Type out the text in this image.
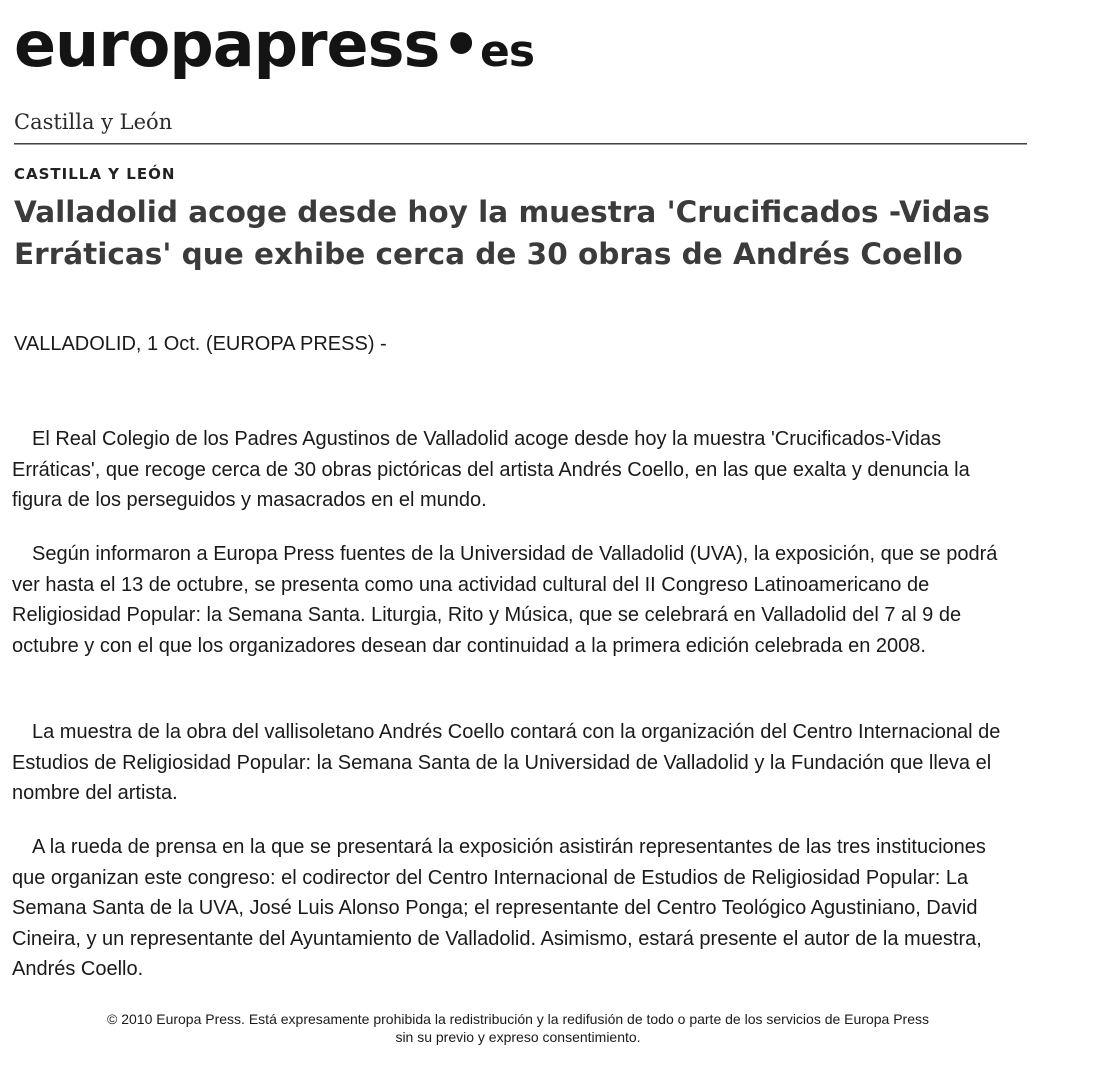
europapress•es
Castilla y León
CASTILLA Y LEÓN
Valladolid acoge desde hoy la muestra 'Crucificados -Vidas Erráticas' que exhibe cerca de 30 obras de Andrés Coello
VALLADOLID, 1 Oct. (EUROPA PRESS) -

El Real Colegio de los Padres Agustinos de Valladolid acoge desde hoy la muestra 'Crucificados-Vidas Erráticas', que recoge cerca de 30 obras pictóricas del artista Andrés Coello, en las que exalta y denuncia la figura de los perseguidos y masacrados en el mundo.

Según informaron a Europa Press fuentes de la Universidad de Valladolid (UVA), la exposición, que se podrá ver hasta el 13 de octubre, se presenta como una actividad cultural del II Congreso Latinoamericano de Religiosidad Popular: la Semana Santa. Liturgia, Rito y Música, que se celebrará en Valladolid del 7 al 9 de octubre y con el que los organizadores desean dar continuidad a la primera edición celebrada en 2008.

La muestra de la obra del vallisoletano Andrés Coello contará con la organización del Centro Internacional de Estudios de Religiosidad Popular: la Semana Santa de la Universidad de Valladolid y la Fundación que lleva el nombre del artista.

A la rueda de prensa en la que se presentará la exposición asistirán representantes de las tres instituciones que organizan este congreso: el codirector del Centro Internacional de Estudios de Religiosidad Popular: La Semana Santa de la UVA, José Luis Alonso Ponga; el representante del Centro Teológico Agustiniano, David Cineira, y un representante del Ayuntamiento de Valladolid. Asimismo, estará presente el autor de la muestra, Andrés Coello.

© 2010 Europa Press. Está expresamente prohibida la redistribución y la redifusión de todo o parte de los servicios de Europa Press
sin su previo y expreso consentimiento.
